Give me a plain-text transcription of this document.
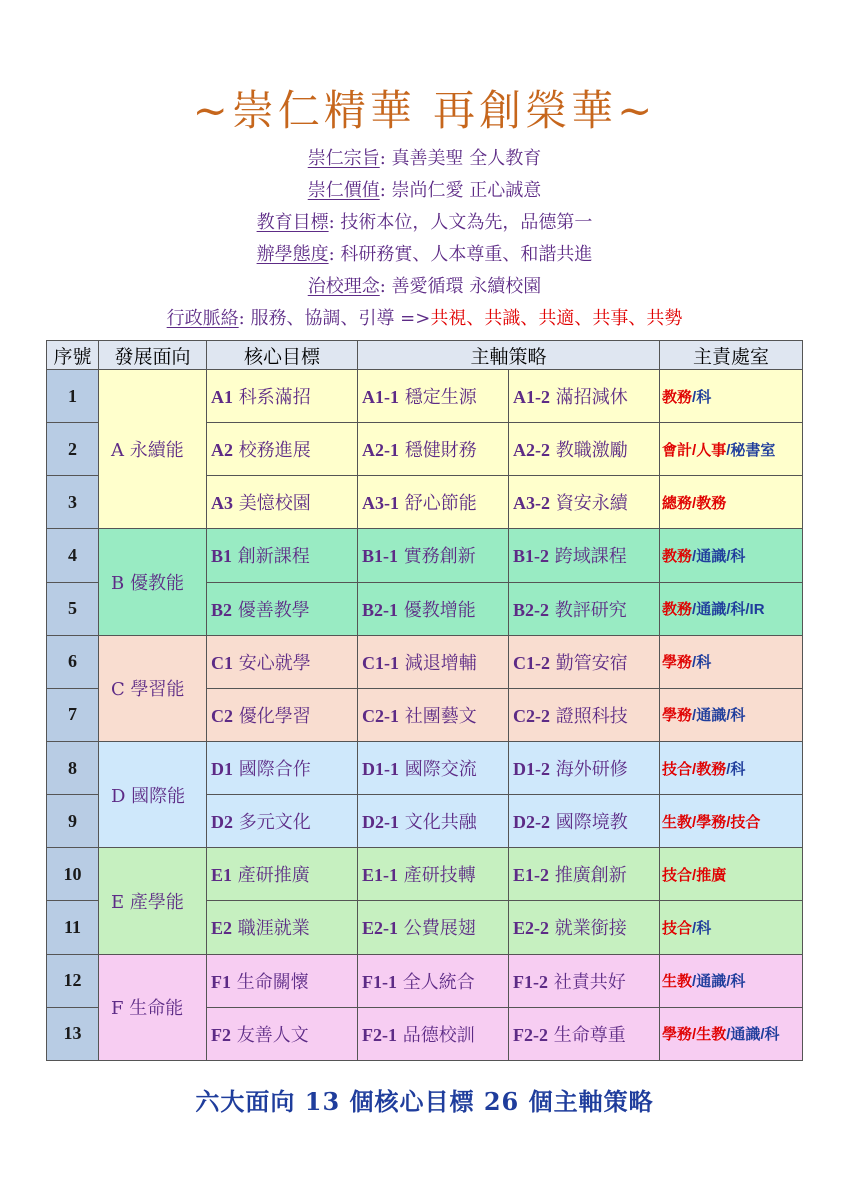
~崇仁精華 再創榮華~
崇仁宗旨: 真善美聖 全人教育
崇仁價值: 崇尚仁愛 正心誠意
教育目標: 技術本位，人文為先，品德第一
辦學態度: 科研務實、人本尊重、和諧共進
治校理念: 善愛循環 永續校園
行政脈絡: 服務、協調、引導 =>共視、共識、共適、共事、共勢
序號	發展面向	核心目標	主軸策略		主責處室
1	A 永續能	A1 科系滿招	A1-1 穩定生源	A1-2 滿招減休	教務/科
2		A2 校務進展	A2-1 穩健財務	A2-2 教職激勵	會計/人事/秘書室
3		A3 美憶校園	A3-1 舒心節能	A3-2 資安永續	總務/教務
4	B 優教能	B1 創新課程	B1-1 實務創新	B1-2 跨域課程	教務/通識/科
5		B2 優善教學	B2-1 優教增能	B2-2 教評研究	教務/通識/科/IR
6	C 學習能	C1 安心就學	C1-1 減退增輔	C1-2 勤管安宿	學務/科
7		C2 優化學習	C2-1 社團藝文	C2-2 證照科技	學務/通識/科
8	D 國際能	D1 國際合作	D1-1 國際交流	D1-2 海外研修	技合/教務/科
9		D2 多元文化	D2-1 文化共融	D2-2 國際境教	生教/學務/技合
10	E 產學能	E1 產研推廣	E1-1 產研技轉	E1-2 推廣創新	技合/推廣
11		E2 職涯就業	E2-1 公費展翅	E2-2 就業銜接	技合/科
12	F 生命能	F1 生命關懷	F1-1 全人統合	F1-2 社責共好	生教/通識/科
13		F2 友善人文	F2-1 品德校訓	F2-2 生命尊重	學務/生教/通識/科
六大面向 13 個核心目標 26 個主軸策略
